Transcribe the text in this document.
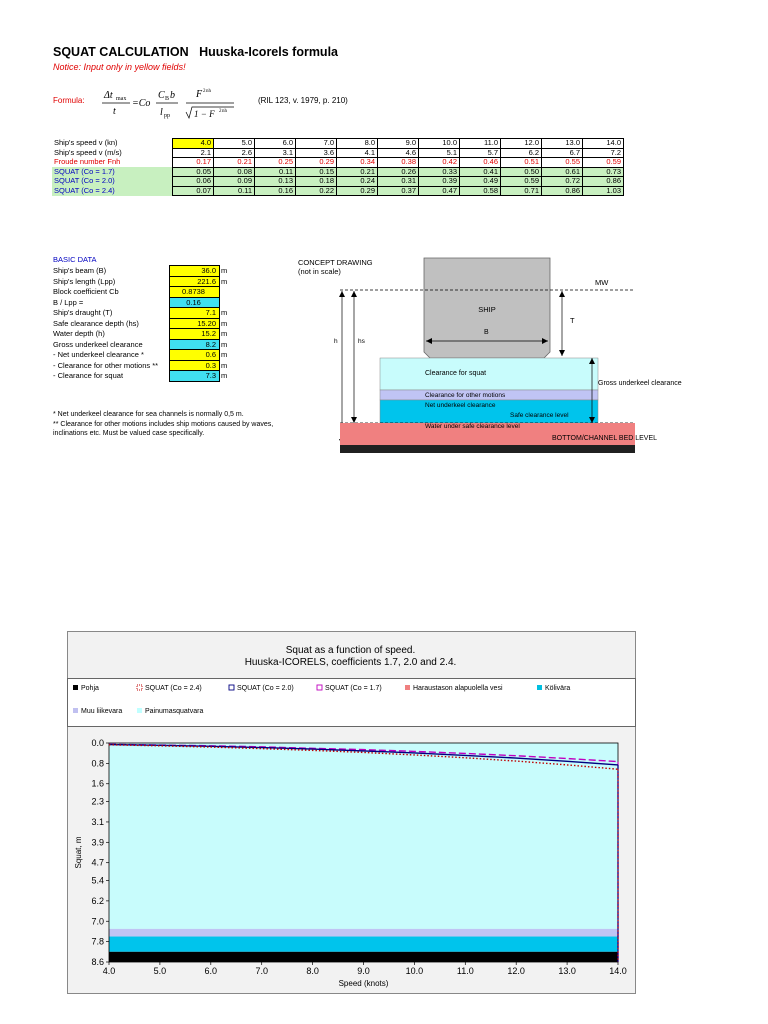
SQUAT CALCULATION Huuska-Icorels formula
Notice: Input only in yellow fields!
Formula: Δt max
t
=Co
C B b
l pp
F 2 nh
1 − F 2 nh
(RIL 123, v. 1979, p. 210)
Ship's speed v (kn)	4.0	5.0	6.0	7.0	8.0	9.0	10.0	11.0	12.0	13.0	14.0
Ship's speed v (m/s)	2.1	2.6	3.1	3.6	4.1	4.6	5.1	5.7	6.2	6.7	7.2
Froude number Fnh	0.17	0.21	0.25	0.29	0.34	0.38	0.42	0.46	0.51	0.55	0.59
SQUAT (Co = 1.7)	0.05	0.08	0.11	0.15	0.21	0.26	0.33	0.41	0.50	0.61	0.73
SQUAT (Co = 2.0)	0.06	0.09	0.13	0.18	0.24	0.31	0.39	0.49	0.59	0.72	0.86
SQUAT (Co = 2.4)	0.07	0.11	0.16	0.22	0.29	0.37	0.47	0.58	0.71	0.86	1.03
BASIC DATA
Ship's beam (B)	36.0	m
Ship's length (Lpp)	221.6	m
Block coefficient Cb	0.8738	
B / Lpp =	0.16	
Ship's draught (T)	7.1	m
Safe clearance depth (hs)	15.20	m
Water depth (h)	15.2	m
Gross underkeel clearance	8.2	m
- Net underkeel clearance *	0.6	m
- Clearance for other motions **	0.3	m
- Clearance for squat	7.3	m
* Net underkeel clearance for sea channels is normally 0,5 m.
** Clearance for other motions includes ship motions caused by waves,
inclinations etc. Must be valued case specifically.
CONCEPT DRAWING
(not in scale)
SHIP
MW
B
T
h	hs
Clearance for squat
Clearance for other motions
Net underkeel clearance
Safe clearance level
Water under safe clearance level
BOTTOM/CHANNEL BED LEVEL
Gross underkeel clearance
Squat as a function of speed.
Huuska-ICORELS, coefficients 1.7, 2.0 and 2.4.
Pohja	SQUAT (Co = 2.4)	SQUAT (Co = 2.0)	SQUAT (Co = 1.7)	Haraustason alapuolella vesi	Kölivära
Muu liikevara	Painumasquatvara
0.0
0.8
1.6
2.3
3.1
3.9
4.7
5.4
6.2
7.0
7.8
8.6
4.0	5.0	6.0	7.0	8.0	9.0	10.0	11.0	12.0	13.0	14.0
Speed (knots)
Squat, m
